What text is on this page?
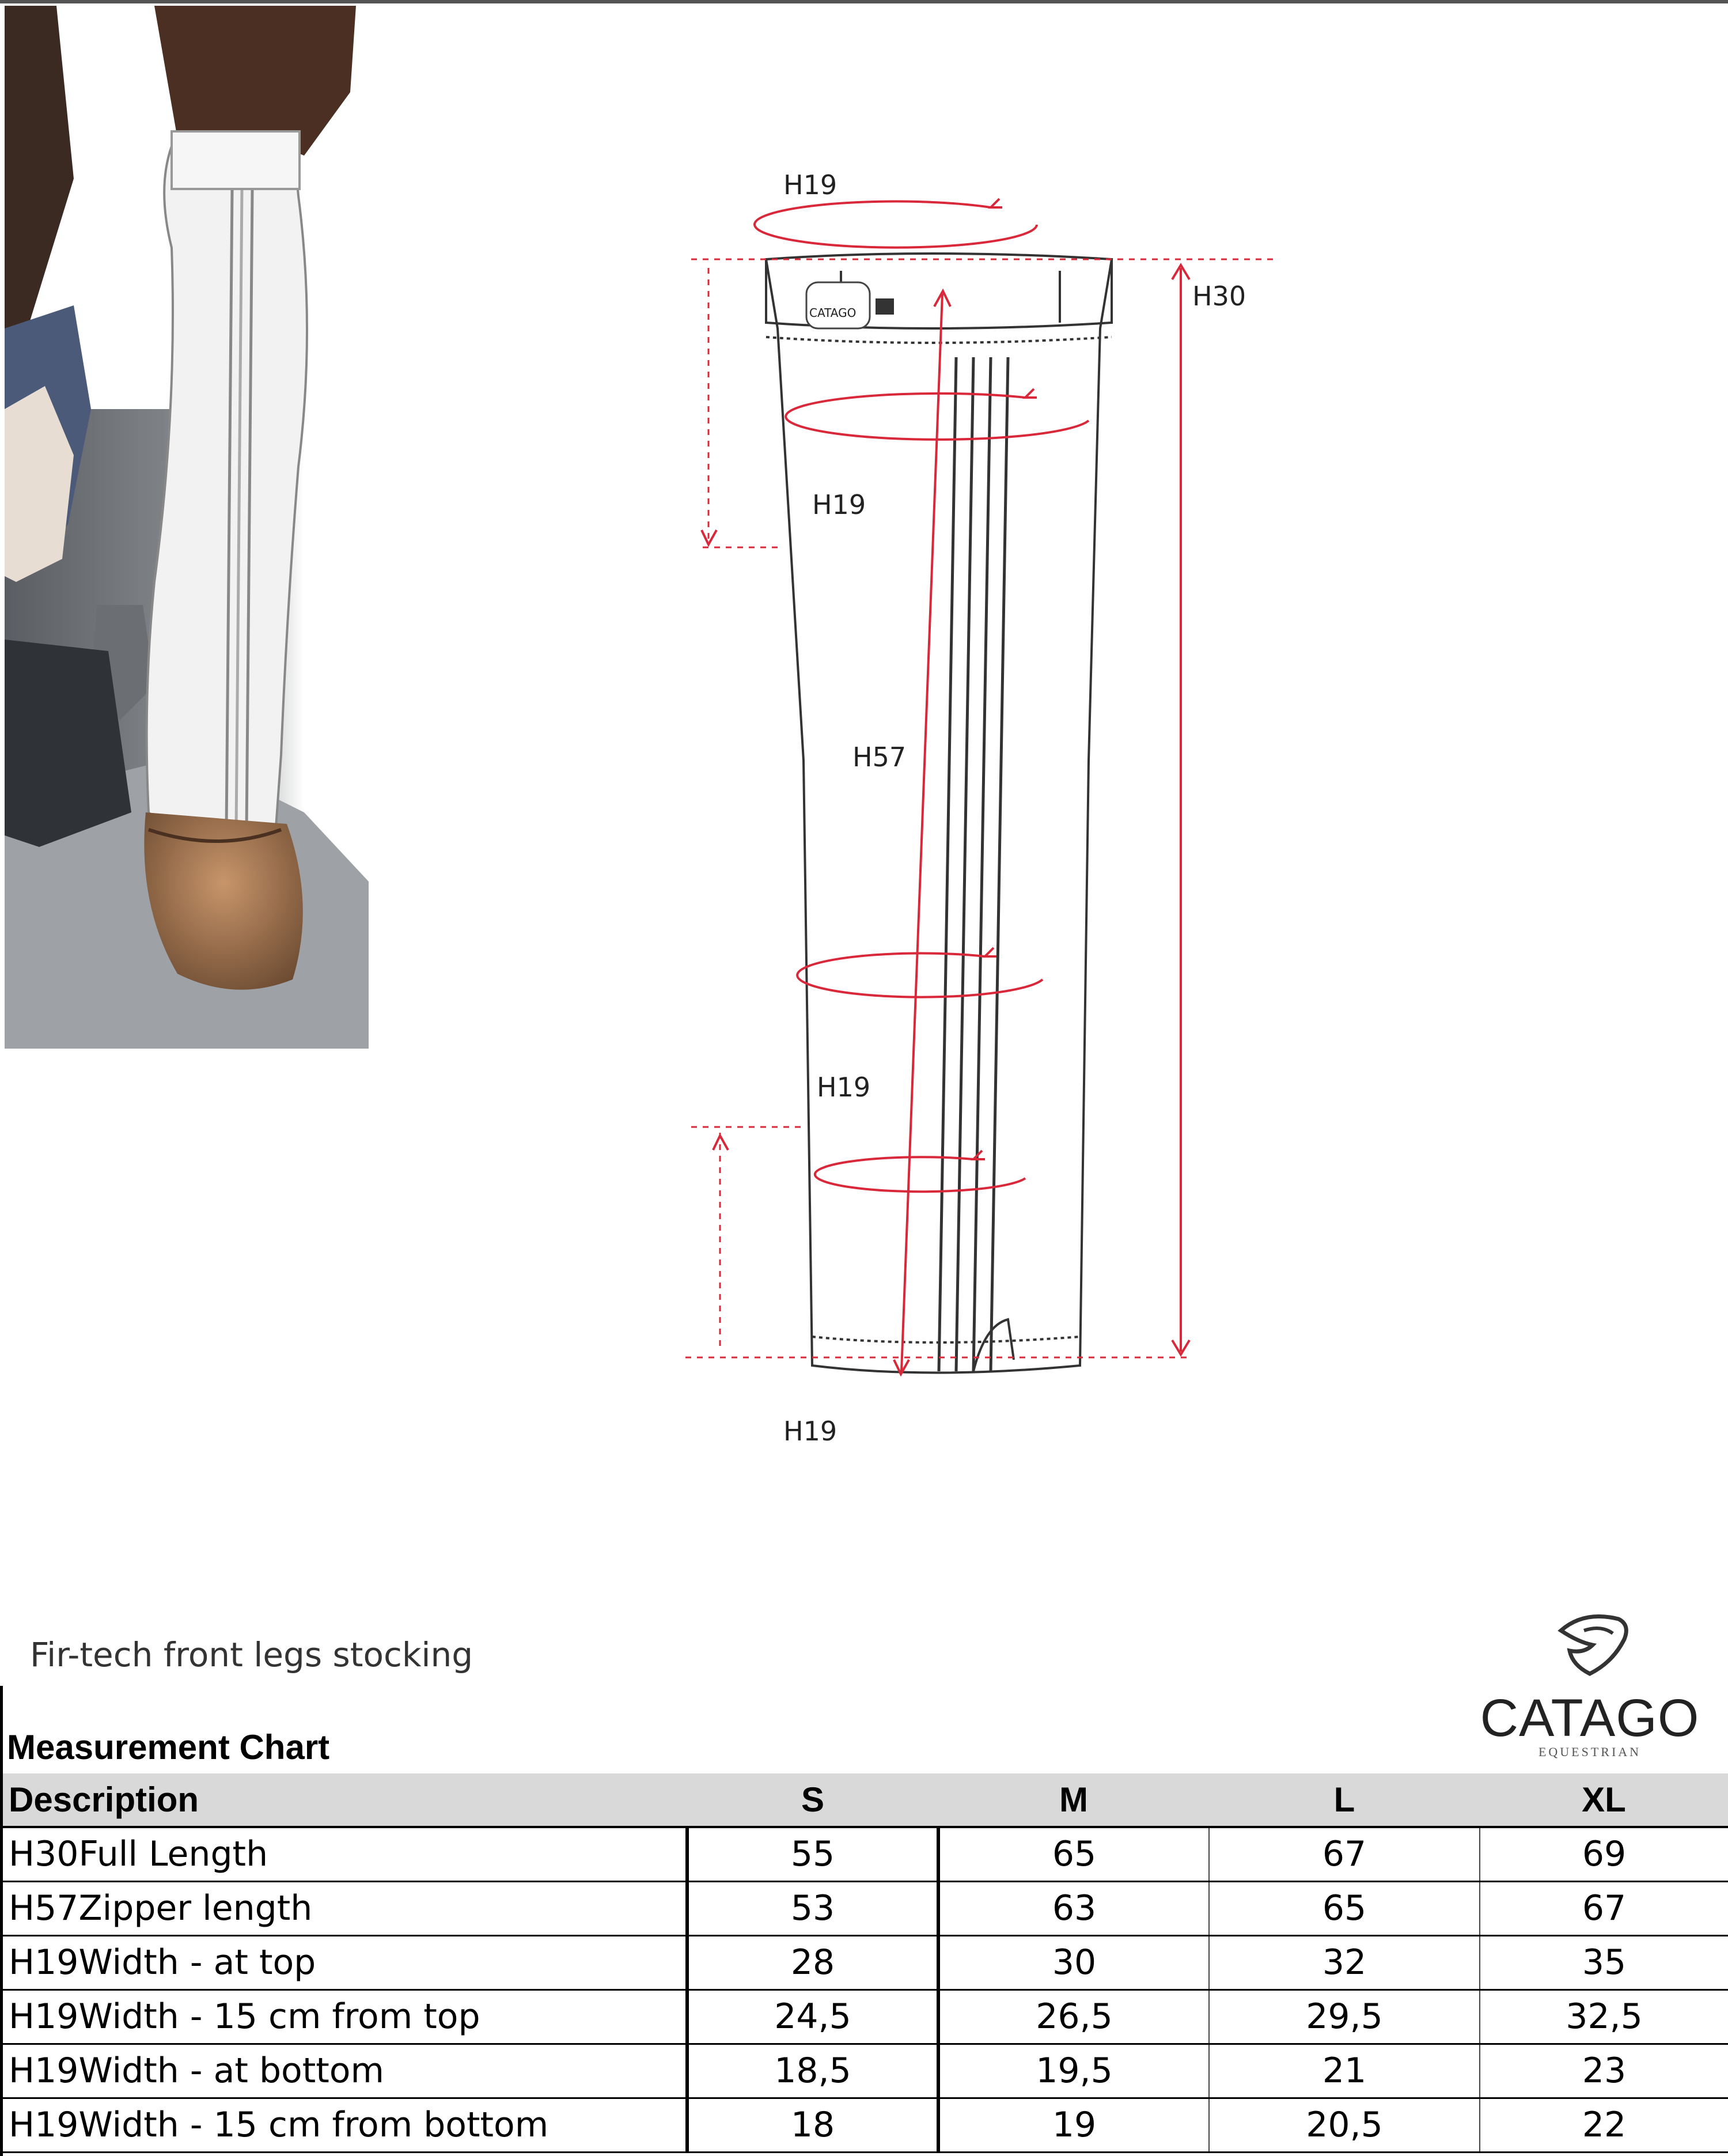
CATAGO
H19
H30
H19
H57
H19
H19
Fir-tech front legs stocking
CATAGO
EQUESTRIAN
Measurement Chart
Description	S	M	L	XL
H30Full Length	55	65	67	69
H57Zipper length	53	63	65	67
H19Width - at top	28	30	32	35
H19Width - 15 cm from top	24,5	26,5	29,5	32,5
H19Width - at bottom	18,5	19,5	21	23
H19Width - 15 cm from bottom	18	19	20,5	22
